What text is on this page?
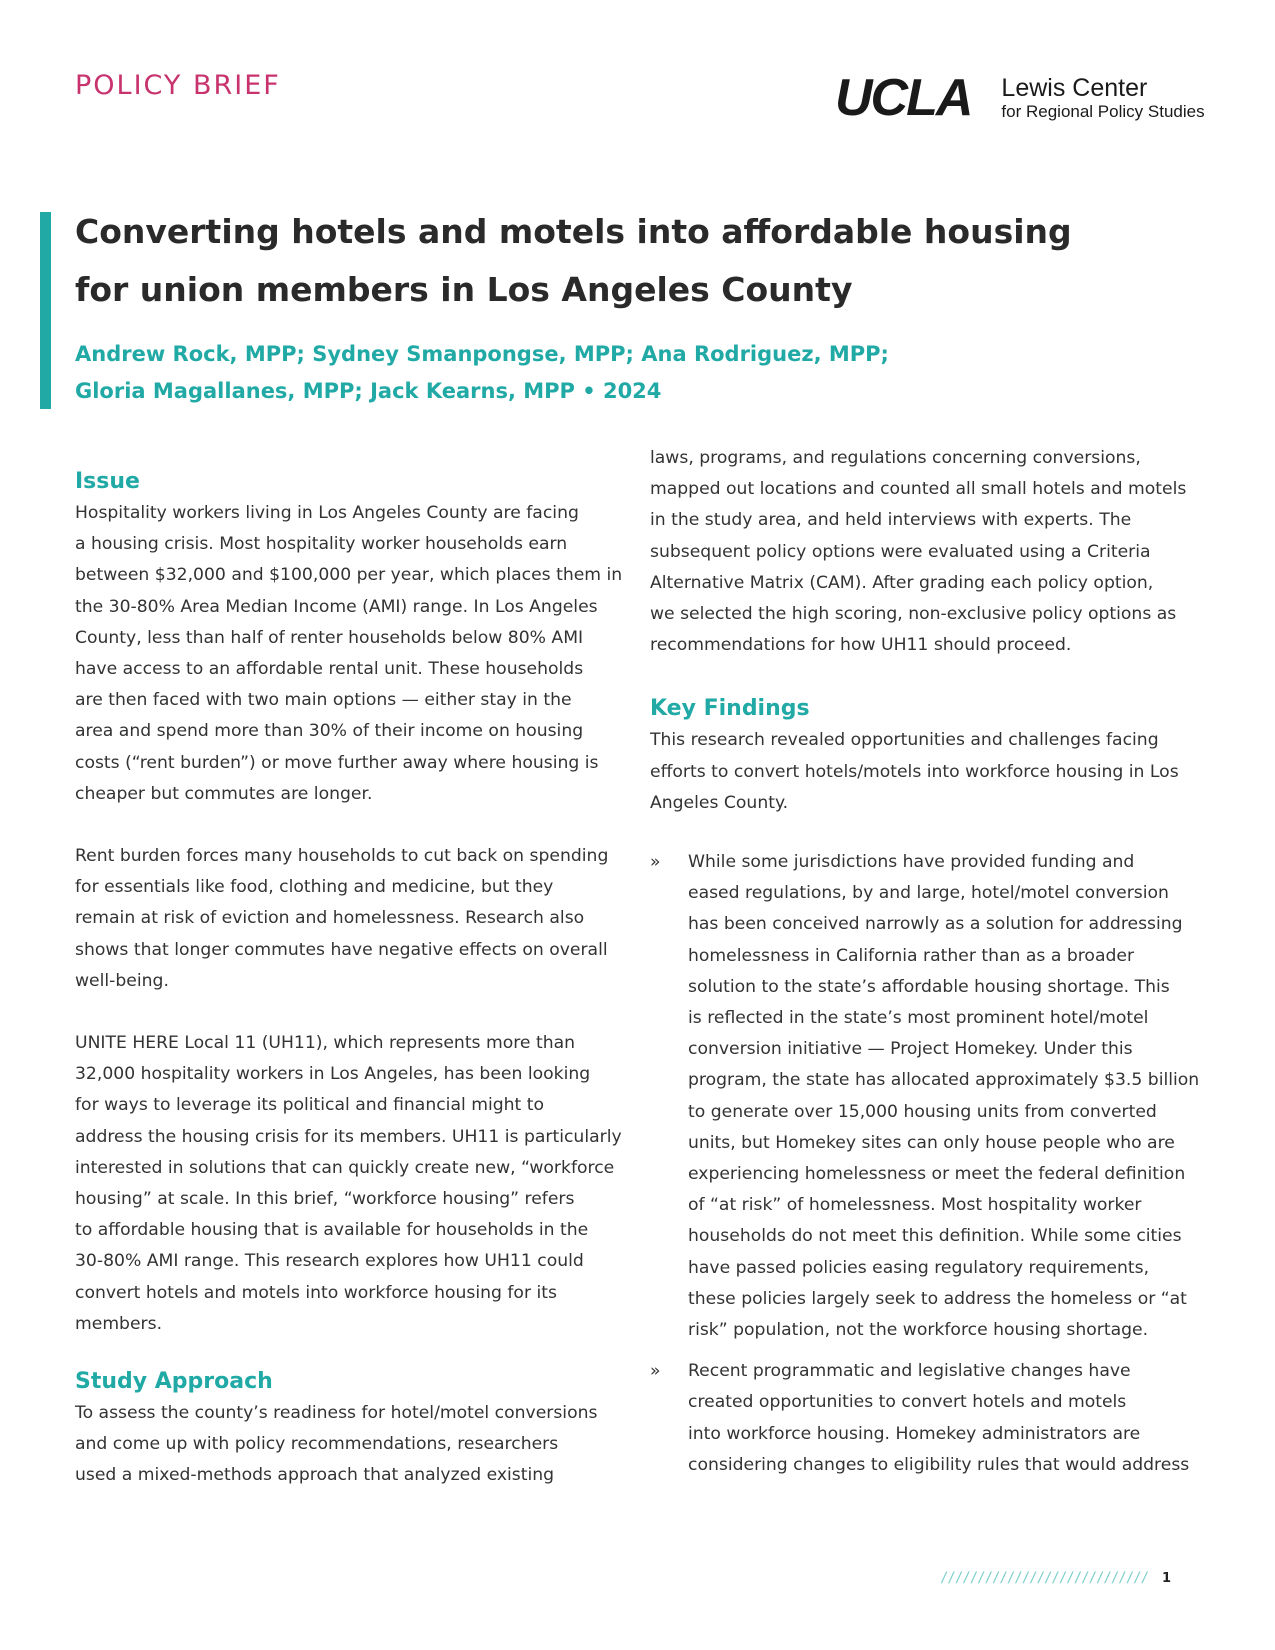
POLICY BRIEF	UCLA Lewis Center
for Regional Policy Studies
Converting hotels and motels into affordable housing
for union members in Los Angeles County
Andrew Rock, MPP; Sydney Smanpongse, MPP; Ana Rodriguez, MPP;
Gloria Magallanes, MPP; Jack Kearns, MPP • 2024
Issue

Hospitality workers living in Los Angeles County are facing
a housing crisis. Most hospitality worker households earn
between $32,000 and $100,000 per year, which places them in
the 30-80% Area Median Income (AMI) range. In Los Angeles
County, less than half of renter households below 80% AMI
have access to an affordable rental unit. These households
are then faced with two main options — either stay in the
area and spend more than 30% of their income on housing
costs (“rent burden”) or move further away where housing is
cheaper but commutes are longer.

Rent burden forces many households to cut back on spending
for essentials like food, clothing and medicine, but they
remain at risk of eviction and homelessness. Research also
shows that longer commutes have negative effects on overall
well-being.

UNITE HERE Local 11 (UH11), which represents more than
32,000 hospitality workers in Los Angeles, has been looking
for ways to leverage its political and financial might to
address the housing crisis for its members. UH11 is particularly
interested in solutions that can quickly create new, “workforce
housing” at scale. In this brief, “workforce housing” refers
to affordable housing that is available for households in the
30-80% AMI range. This research explores how UH11 could
convert hotels and motels into workforce housing for its
members.

Study Approach

To assess the county’s readiness for hotel/motel conversions
and come up with policy recommendations, researchers
used a mixed-methods approach that analyzed existing

laws, programs, and regulations concerning conversions,
mapped out locations and counted all small hotels and motels
in the study area, and held interviews with experts. The
subsequent policy options were evaluated using a Criteria
Alternative Matrix (CAM). After grading each policy option,
we selected the high scoring, non-exclusive policy options as
recommendations for how UH11 should proceed.

Key Findings

This research revealed opportunities and challenges facing
efforts to convert hotels/motels into workforce housing in Los
Angeles County.

»	While some jurisdictions have provided funding and
eased regulations, by and large, hotel/motel conversion
has been conceived narrowly as a solution for addressing
homelessness in California rather than as a broader
solution to the state’s affordable housing shortage. This
is reflected in the state’s most prominent hotel/motel
conversion initiative — Project Homekey. Under this
program, the state has allocated approximately $3.5 billion
to generate over 15,000 housing units from converted
units, but Homekey sites can only house people who are
experiencing homelessness or meet the federal definition
of “at risk” of homelessness. Most hospitality worker
households do not meet this definition. While some cities
have passed policies easing regulatory requirements,
these policies largely seek to address the homeless or “at
risk” population, not the workforce housing shortage.
»	Recent programmatic and legislative changes have
created opportunities to convert hotels and motels
into workforce housing. Homekey administrators are
considering changes to eligibility rules that would address
//////////////////////////// 1
